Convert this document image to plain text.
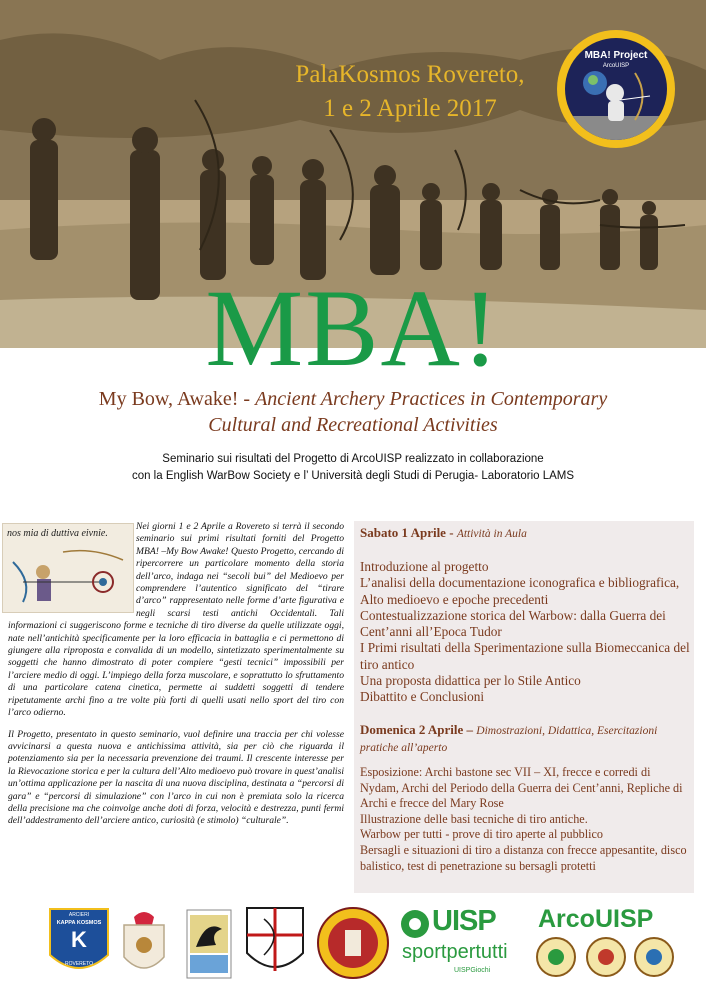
PalaKosmos Rovereto,
1 e 2 Aprile 2017
MBA! Project
ArcoUISP
MBA!
My Bow, Awake! - Ancient Archery Practices in Contemporary
Cultural and Recreational Activities
Seminario sui risultati del Progetto di ArcoUISP realizzato in collaborazione
con la English WarBow Society e l’ Università degli Studi di Perugia- Laboratorio LAMS
nos mia di duttiva eivnie.

Nei giorni 1 e 2 Aprile a Rovereto si terrà il secondo seminario sui primi risultati forniti del Progetto MBA! –My Bow Awake! Questo Progetto, cercando di ripercorrere un particolare momento della storia dell’arco, indaga nei “secoli bui” del Medioevo per comprendere l’autentico significato del “tirare d’arco” rappresentato nelle forme d’arte figurativa e negli scarsi testi antichi Occidentali. Tali informazioni ci suggeriscono forme e tecniche di tiro diverse da quelle utilizzate oggi, nate nell’antichità specificamente per la loro efficacia in battaglia e ci permettono di giungere alla riproposta e convalida di un modello, sintetizzato sperimentalmente su soggetti che hanno dimostrato di poter compiere “gesti tecnici” impossibili per l’arciere medio di oggi. L’impiego della forza muscolare, e soprattutto lo sfruttamento di una particolare catena cinetica, permette ai suddetti soggetti di tendere ripetutamente archi fino a tre volte più forti di quelli usati nello sport del tiro con l’arco odierno.

Il Progetto, presentato in questo seminario, vuol definire una traccia per chi volesse avvicinarsi a questa nuova e antichissima attività, sia per ciò che riguarda il potenziamento sia per la necessaria prevenzione dei traumi. Il crescente interesse per la Rievocazione storica e per la cultura dell’Alto medioevo può trovare in quest’analisi un’ottima applicazione per la nascita di una nuova disciplina, destinata a “percorsi di gara” e “percorsi di simulazione” con l’arco in cui non è premiata solo la ricerca della precisione ma che coinvolge anche doti di forza, velocità e destrezza, punti fermi dell’addestramento dell’arciere antico, curiosità (e stimolo) “culturale”.

Sabato 1 Aprile - Attività in Aula
Introduzione al progetto
L’analisi della documentazione iconografica e bibliografica, Alto medioevo e epoche precedenti
Contestualizzazione storica del Warbow: dalla Guerra dei Cent’anni all’Epoca Tudor
I Primi risultati della Sperimentazione sulla Biomeccanica del tiro antico
Una proposta didattica per lo Stile Antico
Dibattito e Conclusioni
Domenica 2 Aprile – Dimostrazioni, Didattica, Esercitazioni pratiche all’aperto
Esposizione: Archi bastone sec VII – XI, frecce e corredi di Nydam, Archi del Periodo della Guerra dei Cent’anni, Repliche di Archi e frecce del Mary Rose
Illustrazione delle basi tecniche di tiro antiche.
Warbow per tutti - prove di tiro aperte al pubblico
Bersagli e situazioni di tiro a distanza con frecce appesantite, disco balistico, test di penetrazione su bersagli protetti
K
ARCIERI
KAPPA KOSMOS
ROVERETO
UISP
sportpertutti
UISPGiochi
ArcoUISP
